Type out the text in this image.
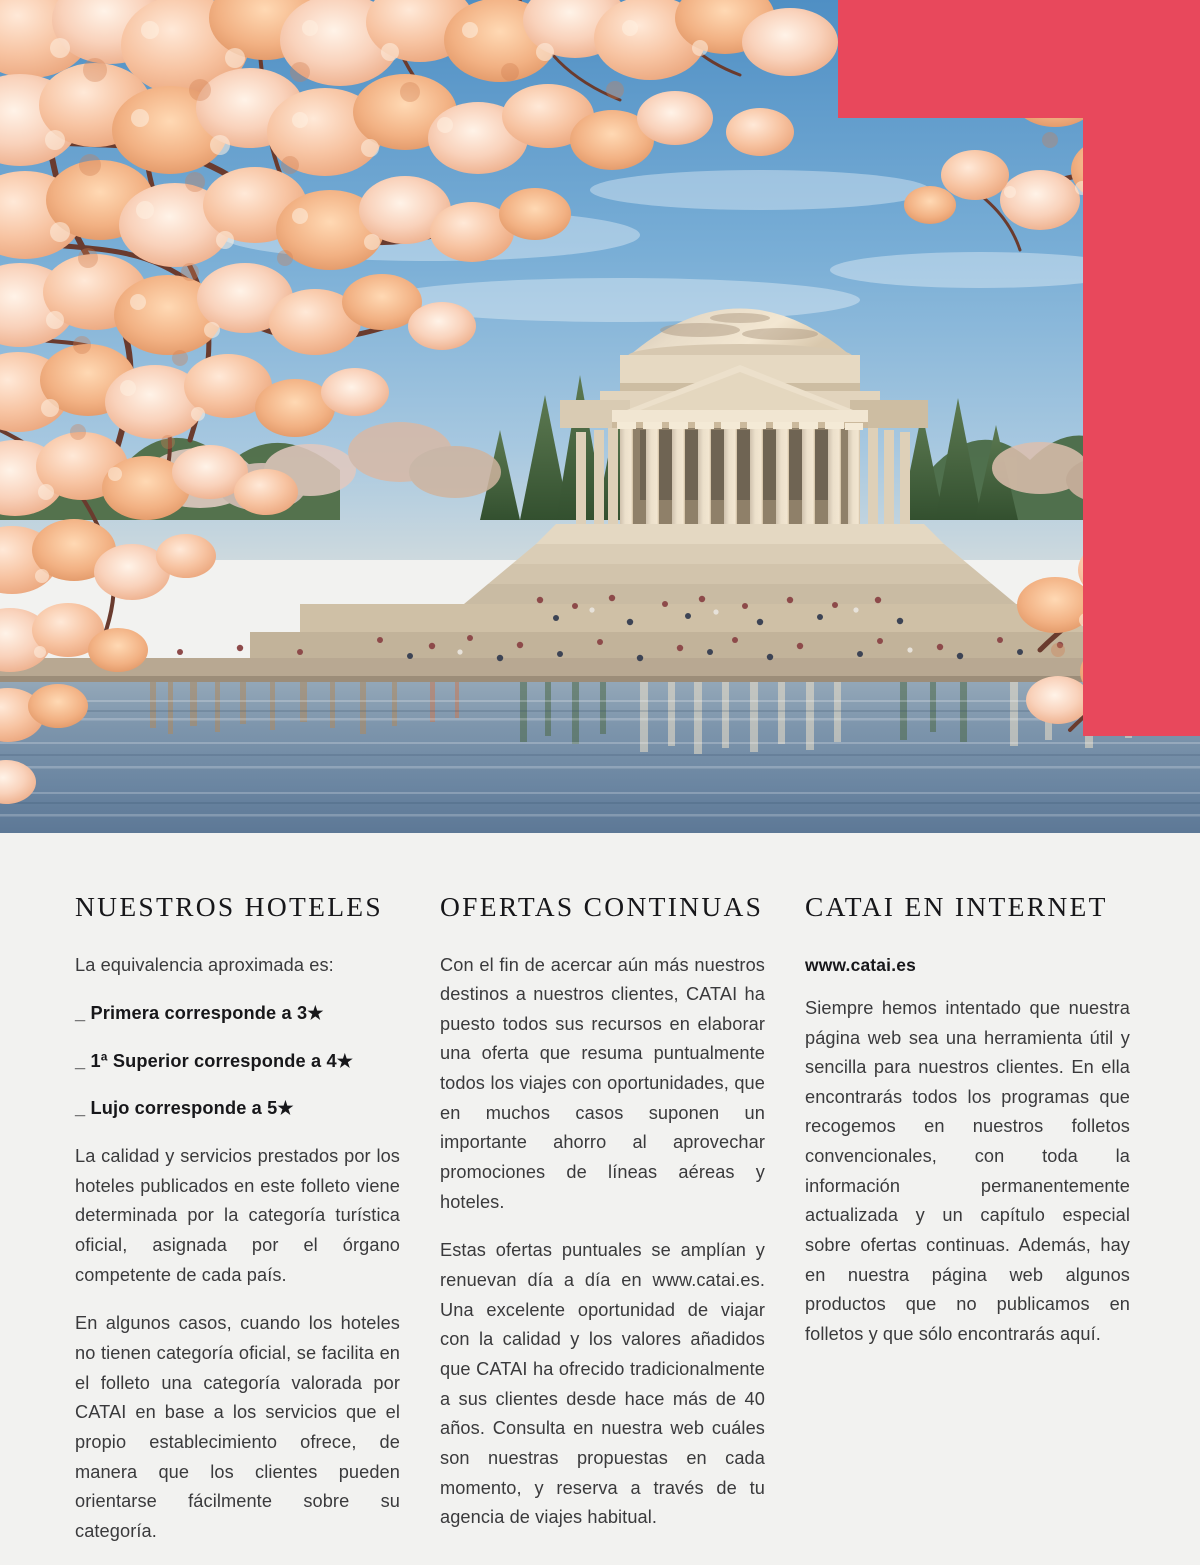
NUESTROS HOTELES

La equivalencia aproximada es:

_ Primera corresponde a 3★

_ 1ª Superior corresponde a 4★

_ Lujo corresponde a 5★

La calidad y servicios prestados por los hoteles publicados en este folleto viene determinada por la categoría turística oficial, asignada por el órgano competente de cada país.

En algunos casos, cuando los hoteles no tienen categoría oficial, se facilita en el folleto una categoría valorada por CATAI en base a los servicios que el propio establecimiento ofrece, de manera que los clientes pueden orientarse fácilmente sobre su categoría.

OFERTAS CONTINUAS

Con el fin de acercar aún más nuestros destinos a nuestros clientes, CATAI ha puesto todos sus recursos en elaborar una oferta que resuma puntualmente todos los viajes con oportunidades, que en muchos casos suponen un importante ahorro al aprovechar promociones de líneas aéreas y hoteles.

Estas ofertas puntuales se amplían y renuevan día a día en www.catai.es. Una excelente oportunidad de viajar con la calidad y los valores añadidos que CATAI ha ofrecido tradicionalmente a sus clientes desde hace más de 40 años. Consulta en nuestra web cuáles son nuestras propuestas en cada momento, y reserva a través de tu agencia de viajes habitual.

CATAI EN INTERNET

www.catai.es

Siempre hemos intentado que nuestra página web sea una herramienta útil y sencilla para nuestros clientes. En ella encontrarás todos los programas que recogemos en nuestros folletos convencionales, con toda la información permanentemente actualizada y un capítulo especial sobre ofertas continuas. Además, hay en nuestra página web algunos productos que no publicamos en folletos y que sólo encontrarás aquí.
